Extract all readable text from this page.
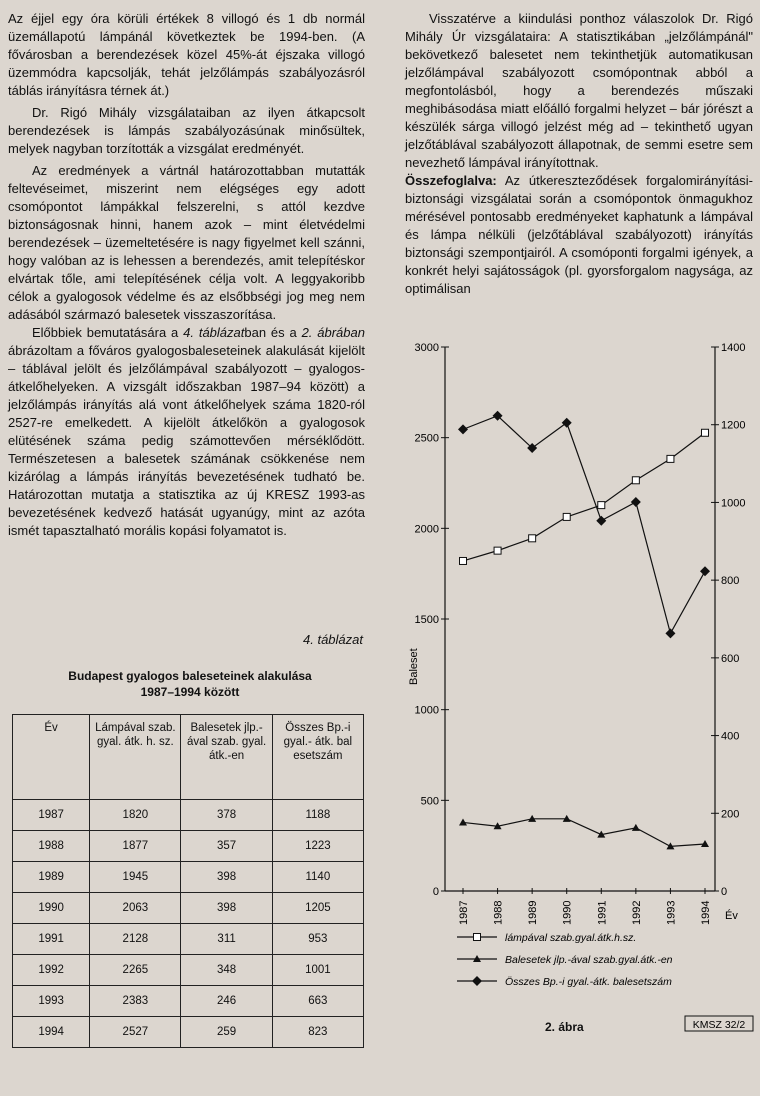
Az éjjel egy óra körüli értékek 8 villogó és 1 db normál üzemállapotú lámpánál következtek be 1994-ben. (A fővárosban a berendezések közel 45%-át éjszaka villogó üzemmódra kapcsolják, tehát jelzőlámpás szabályozásról táblás irányításra térnek át.)

Dr. Rigó Mihály vizsgálataiban az ilyen átkapcsolt berendezések is lámpás szabályozásúnak minősültek, melyek nagyban torzították a vizsgálat eredményét.

Az eredmények a vártnál határozottabban mutatták feltevéseimet, miszerint nem elégséges egy adott csomópontot lámpákkal felszerelni, s attól kezdve biztonságosnak hinni, hanem azok – mint életvédelmi berendezések – üzemeltetésére is nagy figyelmet kell szánni, hogy valóban az is lehessen a berendezés, amit telepítéskor elvártak tőle, ami telepítésének célja volt. A leggyakoribb célok a gyalogosok védelme és az elsőbbségi jog meg nem adásából származó balesetek visszaszorítása.

Előbbiek bemutatására a 4. táblázatban és a 2. ábrában ábrázoltam a főváros gyalogosbaleseteinek alakulását kijelölt – táblával jelölt és jelzőlámpával szabályozott – gyalogos-átkelőhelyeken. A vizsgált időszakban 1987–94 között) a jelzőlámpás irányítás alá vont átkelőhelyek száma 1820-ról 2527-re emelkedett. A kijelölt átkelőkön a gyalogosok elütésének száma pedig számottevően mérséklődött. Természetesen a balesetek számának csökkenése nem kizárólag a lámpás irányítás bevezetésének tudható be. Határozottan mutatja a statisztika az új KRESZ 1993-as bevezetésének kedvező hatását ugyanúgy, mint az azóta ismét tapasztalható morális kopási folyamatot is.

4. táblázat
Budapest gyalogos baleseteinek alakulása
1987–1994 között
Év	Lámpával szab. gyal. átk. h. sz.	Balesetek jlp.-ával szab. gyal. átk.-en	Összes Bp.-i gyal.- átk. bal esetszám
1987	1820	378	1188
1988	1877	357	1223
1989	1945	398	1140
1990	2063	398	1205
1991	2128	311	953
1992	2265	348	1001
1993	2383	246	663
1994	2527	259	823

Visszatérve a kiindulási ponthoz válaszolok Dr. Rigó Mihály Úr vizsgálataira: A statisztikában „jelzőlámpánál" bekövetkező balesetet nem tekinthetjük automatikusan jelzőlámpával szabályozott csomópontnak abból a megfontolásból, hogy a berendezés műszaki meghibásodása miatt előálló forgalmi helyzet – bár jórészt a készülék sárga villogó jelzést még ad – tekinthető ugyan jelzőtáblával szabályozott állapotnak, de semmi esetre sem nevezhető lámpával irányítottnak.

Összefoglalva: Az útkereszteződések forgalomirányítási-biztonsági vizsgálatai során a csomópontok önmagukhoz mérésével pontosabb eredményeket kaphatunk a lámpával és lámpa nélküli (jelzőtáblával szabályozott) irányítás biztonsági szempontjairól. A csomóponti forgalmi igények, a konkrét helyi sajátosságok (pl. gyorsforgalom nagysága, az optimálisan

0
500
1000
1500
2000
2500
3000
0
200
400
600
800
1000
1200
1400
1987 1988 1989 1990 1991 1992 1993 1994 Év
Baleset
lámpával szab.gyal.átk.h.sz.
Balesetek jlp.-ával szab.gyal.átk.-en
Összes Bp.-i gyal.-átk. balesetszám
KMSZ 32/2
2. ábra
